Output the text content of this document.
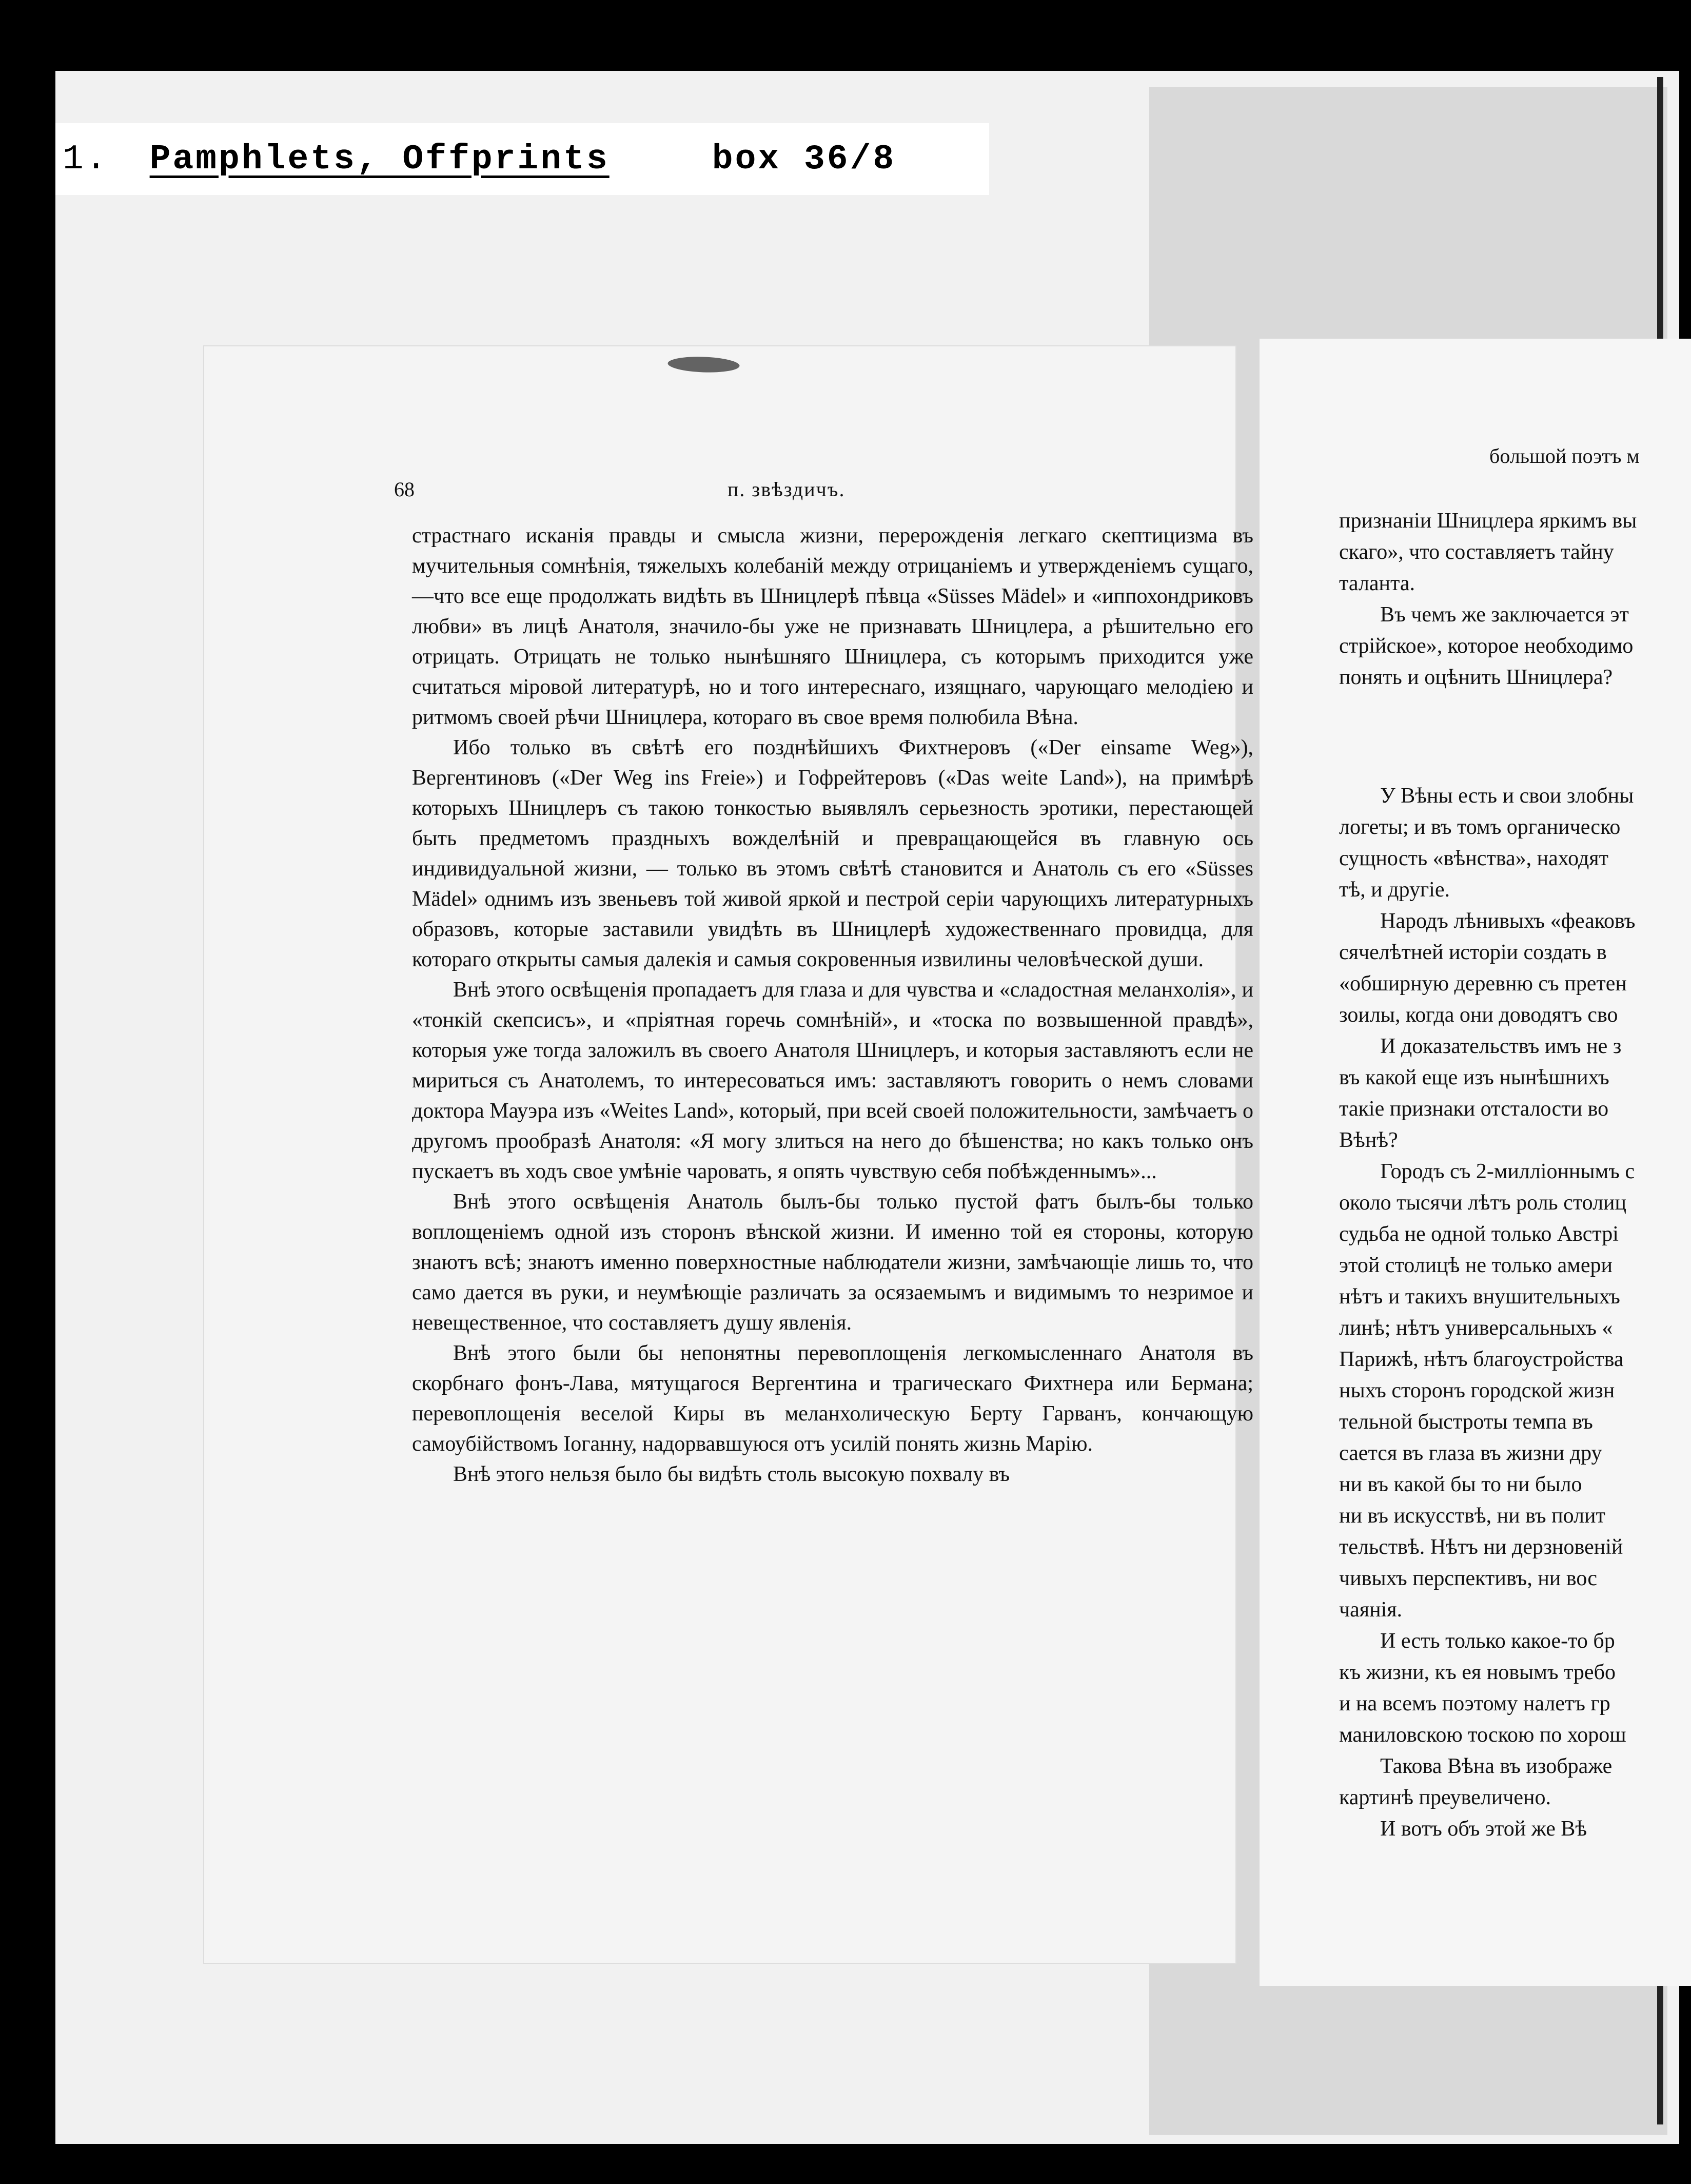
1. Pamphlets, Offprints	box 36/8
68	п. звѣздичъ.

страстнаго исканія правды и смысла жизни, перерожденія легкаго скептицизма въ мучительныя сомнѣнія, тяжелыхъ колебаній между отрицаніемъ и утвержденіемъ сущаго, —что все еще продолжать видѣть въ Шницлерѣ пѣвца «Süsses Mädel» и «иппохондриковъ любви» въ лицѣ Анатоля, значило-бы уже не признавать Шницлера, а рѣшительно его отрицать. Отрицать не только нынѣшняго Шницлера, съ которымъ приходится уже считаться міровой литературѣ, но и того интереснаго, изящнаго, чарующаго мелодіею и ритмомъ своей рѣчи Шницлера, котораго въ свое время полюбила Вѣна.

Ибо только въ свѣтѣ его позднѣйшихъ Фихтнеровъ («Der einsame Weg»), Вергентиновъ («Der Weg ins Freie») и Гофрейтеровъ («Das weite Land»), на примѣрѣ которыхъ Шницлеръ съ такою тонкостью выявлялъ серьезность эротики, перестающей быть предметомъ праздныхъ вожделѣній и превращающейся въ главную ось индивидуальной жизни, — только въ этомъ свѣтѣ становится и Анатоль съ его «Süsses Mädel» однимъ изъ звеньевъ той живой яркой и пестрой серіи чарующихъ литературныхъ образовъ, которые заставили увидѣть въ Шницлерѣ художественнаго провидца, для котораго открыты самыя далекія и самыя сокровенныя извилины человѣческой души.

Внѣ этого освѣщенія пропадаетъ для глаза и для чувства и «сладостная меланхолія», и «тонкій скепсисъ», и «пріятная горечь сомнѣній», и «тоска по возвышенной правдѣ», которыя уже тогда заложилъ въ своего Анатоля Шницлеръ, и которыя заставляютъ если не мириться съ Анатолемъ, то интересоваться имъ: заставляютъ говорить о немъ словами доктора Мауэра изъ «Weites Land», который, при всей своей положительности, замѣчаетъ о другомъ прообразѣ Анатоля: «Я могу злиться на него до бѣшенства; но какъ только онъ пускаетъ въ ходъ свое умѣніе чаровать, я опять чувствую себя побѣжденнымъ»...

Внѣ этого освѣщенія Анатоль былъ-бы только пустой фатъ былъ-бы только воплощеніемъ одной изъ сторонъ вѣнской жизни. И именно той ея стороны, которую знаютъ всѣ; знаютъ именно поверхностные наблюдатели жизни, замѣчающіе лишь то, что само дается въ руки, и неумѣющіе различать за осязаемымъ и видимымъ то незримое и невещественное, что составляетъ душу явленія.

Внѣ этого были бы непонятны перевоплощенія легкомысленнаго Анатоля въ скорбнаго фонъ-Лава, мятущагося Вергентина и трагическаго Фихтнера или Бермана; перевоплощенія веселой Киры въ меланхолическую Берту Гарванъ, кончающую самоубійствомъ Іоганну, надорвавшуюся отъ усилій понять жизнь Марію.

Внѣ этого нельзя было бы видѣть столь высокую похвалу въ

большой поэтъ м

признаніи Шницлера яркимъ вы

скаго», что составляетъ тайну

таланта.

Въ чемъ же заключается эт

стрійское», которое необходимо

понять и оцѣнить Шницлера?

У Вѣны есть и свои злобны

логеты; и въ томъ органическо

сущность «вѣнства», находят

тѣ, и другіе.

Народъ лѣнивыхъ «феаковъ

сячелѣтней исторіи создать в

«обширную деревню съ претен

зоилы, когда они доводятъ сво

И доказательствъ имъ не з

въ какой еще изъ нынѣшнихъ

такіе признаки отсталости во

Вѣнѣ?

Городъ съ 2-милліоннымъ с

около тысячи лѣтъ роль столиц

судьба не одной только Австрі

этой столицѣ не только амери

нѣтъ и такихъ внушительныхъ

линѣ; нѣтъ универсальныхъ «

Парижѣ, нѣтъ благоустройства

ныхъ сторонъ городской жизн

тельной быстроты темпа въ

сается въ глаза въ жизни дру

ни въ какой бы то ни было

ни въ искусствѣ, ни въ полит

тельствѣ. Нѣтъ ни дерзновеній

чивыхъ перспективъ, ни вос

чаянія.

И есть только какое-то бр

къ жизни, къ ея новымъ требо

и на всемъ поэтому налетъ гр

маниловскою тоскою по хорош

Такова Вѣна въ изображе

картинѣ преувеличено.

И вотъ объ этой же Вѣ
